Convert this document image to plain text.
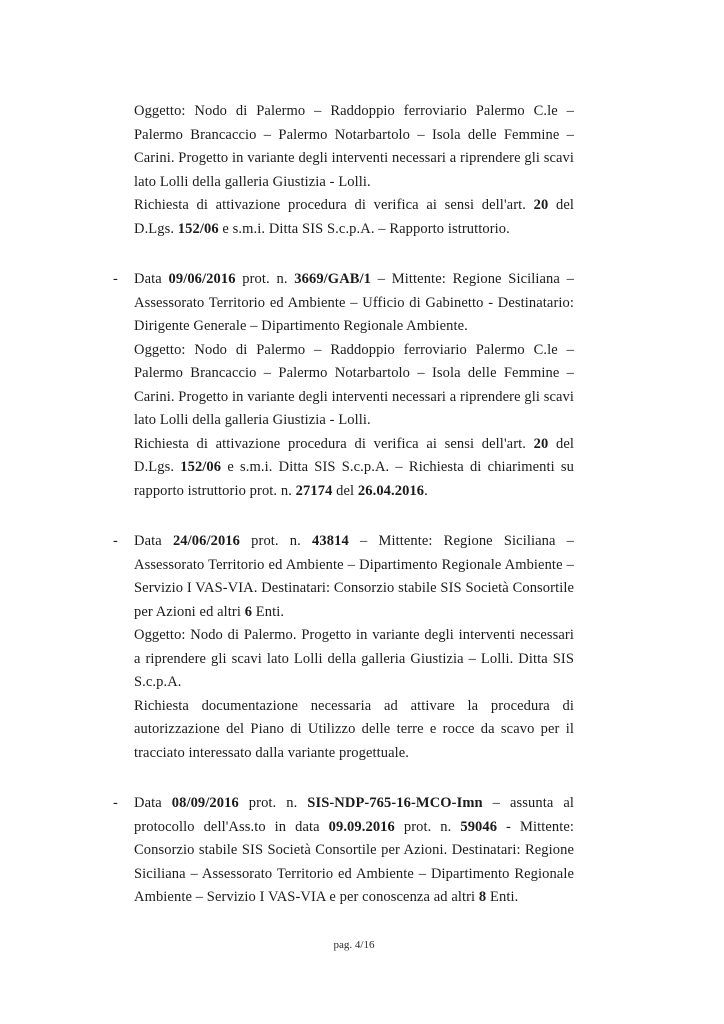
Oggetto: Nodo di Palermo – Raddoppio ferroviario Palermo C.le – Palermo Brancaccio – Palermo Notarbartolo – Isola delle Femmine – Carini. Progetto in variante degli interventi necessari a riprendere gli scavi lato Lolli della galleria Giustizia - Lolli.

Richiesta di attivazione procedura di verifica ai sensi dell'art. 20 del D.Lgs. 152/06 e s.m.i. Ditta SIS S.c.p.A. – Rapporto istruttorio.

- Data 09/06/2016 prot. n. 3669/GAB/1 – Mittente: Regione Siciliana – Assessorato Territorio ed Ambiente – Ufficio di Gabinetto - Destinatario: Dirigente Generale – Dipartimento Regionale Ambiente.

Oggetto: Nodo di Palermo – Raddoppio ferroviario Palermo C.le – Palermo Brancaccio – Palermo Notarbartolo – Isola delle Femmine – Carini. Progetto in variante degli interventi necessari a riprendere gli scavi lato Lolli della galleria Giustizia - Lolli.

Richiesta di attivazione procedura di verifica ai sensi dell'art. 20 del D.Lgs. 152/06 e s.m.i. Ditta SIS S.c.p.A. – Richiesta di chiarimenti su rapporto istruttorio prot. n. 27174 del 26.04.2016.

- Data 24/06/2016 prot. n. 43814 – Mittente: Regione Siciliana – Assessorato Territorio ed Ambiente – Dipartimento Regionale Ambiente – Servizio I VAS-VIA. Destinatari: Consorzio stabile SIS Società Consortile per Azioni ed altri 6 Enti.

Oggetto: Nodo di Palermo. Progetto in variante degli interventi necessari a riprendere gli scavi lato Lolli della galleria Giustizia – Lolli. Ditta SIS S.c.p.A.

Richiesta documentazione necessaria ad attivare la procedura di autorizzazione del Piano di Utilizzo delle terre e rocce da scavo per il tracciato interessato dalla variante progettuale.

- Data 08/09/2016 prot. n. SIS-NDP-765-16-MCO-Imn – assunta al protocollo dell'Ass.to in data 09.09.2016 prot. n. 59046 - Mittente: Consorzio stabile SIS Società Consortile per Azioni. Destinatari: Regione Siciliana – Assessorato Territorio ed Ambiente – Dipartimento Regionale Ambiente – Servizio I VAS-VIA e per conoscenza ad altri 8 Enti.

pag. 4/16
